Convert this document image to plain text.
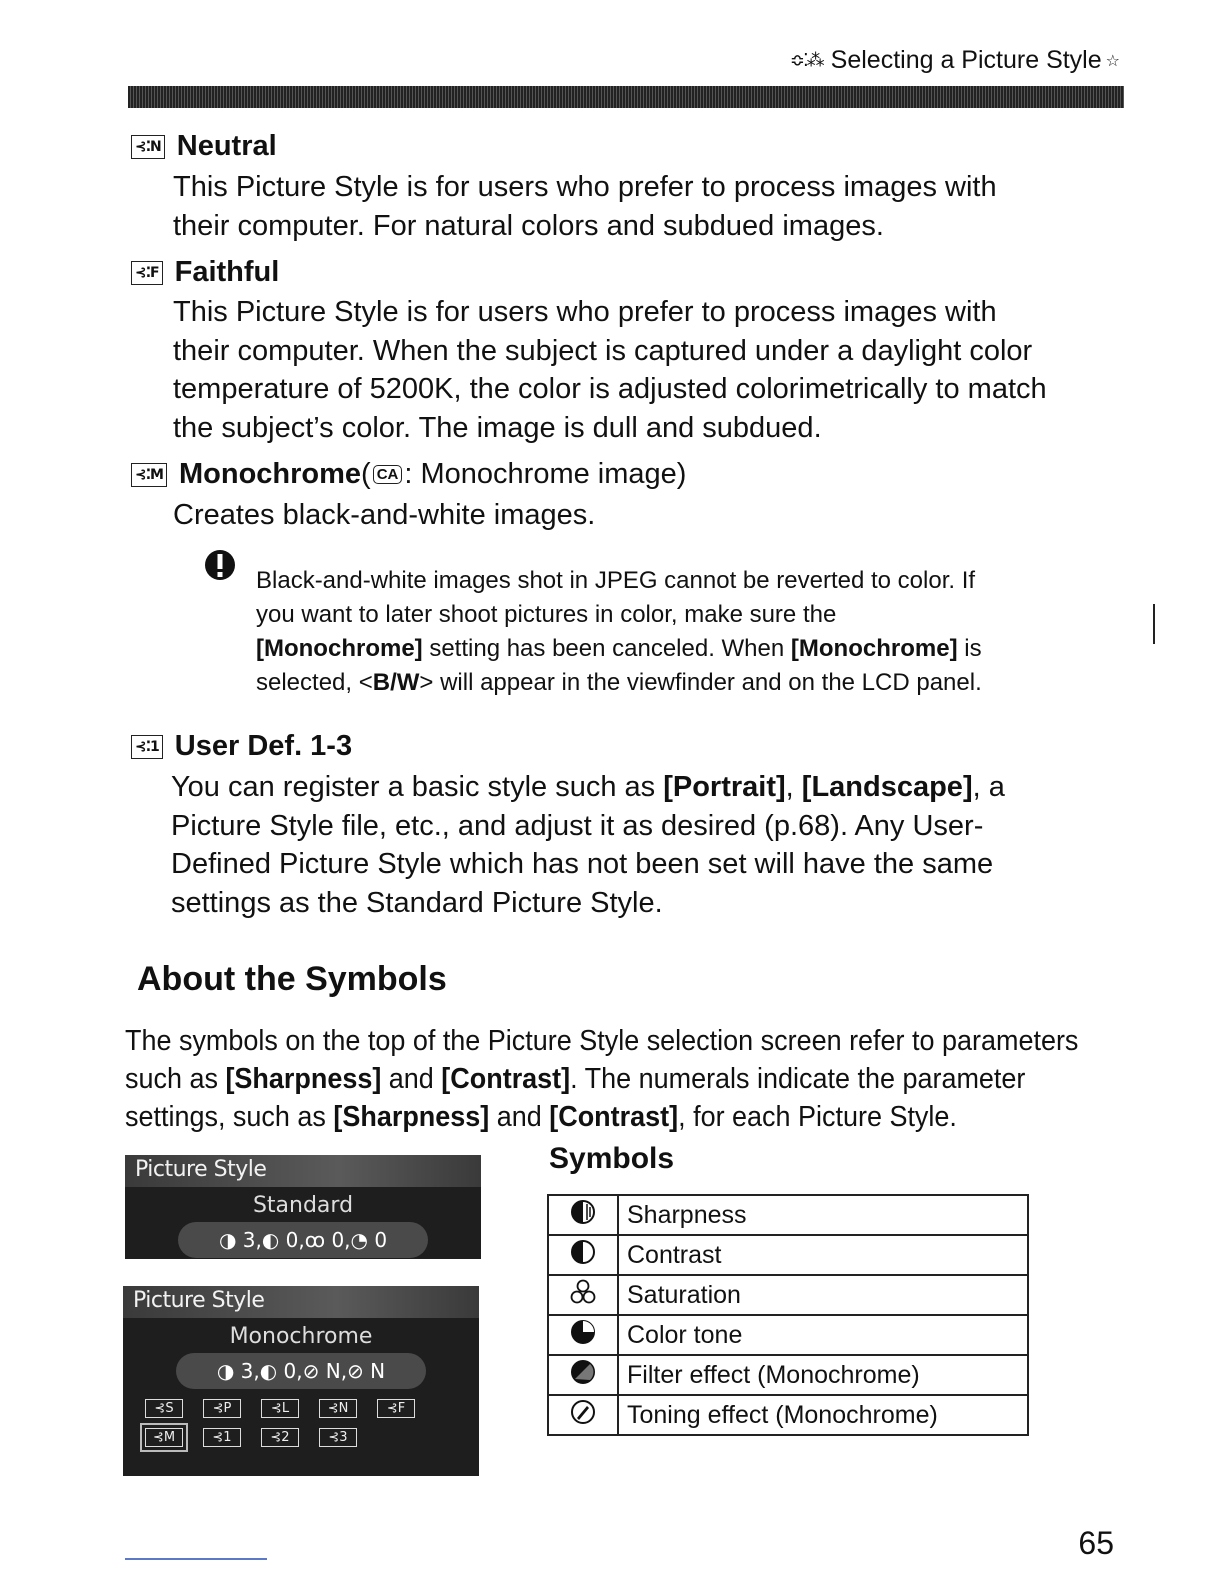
≎⁚⁂ Selecting a Picture Style ☆
⊰⁚N Neutral
This Picture Style is for users who prefer to process images with
their computer. For natural colors and subdued images.
⊰⁚F Faithful
This Picture Style is for users who prefer to process images with
their computer. When the subject is captured under a daylight color
temperature of 5200K, the color is adjusted colorimetrically to match
the subject’s color. The image is dull and subdued.
⊰⁚M Monochrome ( CA : Monochrome image)
Creates black-and-white images.
Black-and-white images shot in JPEG cannot be reverted to color. If
you want to later shoot pictures in color, make sure the
[Monochrome] setting has been canceled. When [Monochrome] is
selected, <B/W> will appear in the viewfinder and on the LCD panel.
⊰⁚1 User Def. 1-3
You can register a basic style such as [Portrait], [Landscape], a
Picture Style file, etc., and adjust it as desired (p.68). Any User-
Defined Picture Style which has not been set will have the same
settings as the Standard Picture Style.
About the Symbols
The symbols on the top of the Picture Style selection screen refer to parameters
such as [Sharpness] and [Contrast]. The numerals indicate the parameter
settings, such as [Sharpness] and [Contrast], for each Picture Style.
Picture Style
Standard
◑ 3,◐ 0,ꝏ 0,◔ 0
Picture Style
Monochrome
◑ 3,◐ 0,⊘ N,⊘ N
⊰S	⊰P	⊰L	⊰N	⊰F
⊰M	⊰1	⊰2	⊰3
Symbols
	Sharpness
	Contrast
	Saturation
	Color tone
	Filter effect (Monochrome)
	Toning effect (Monochrome)
65
